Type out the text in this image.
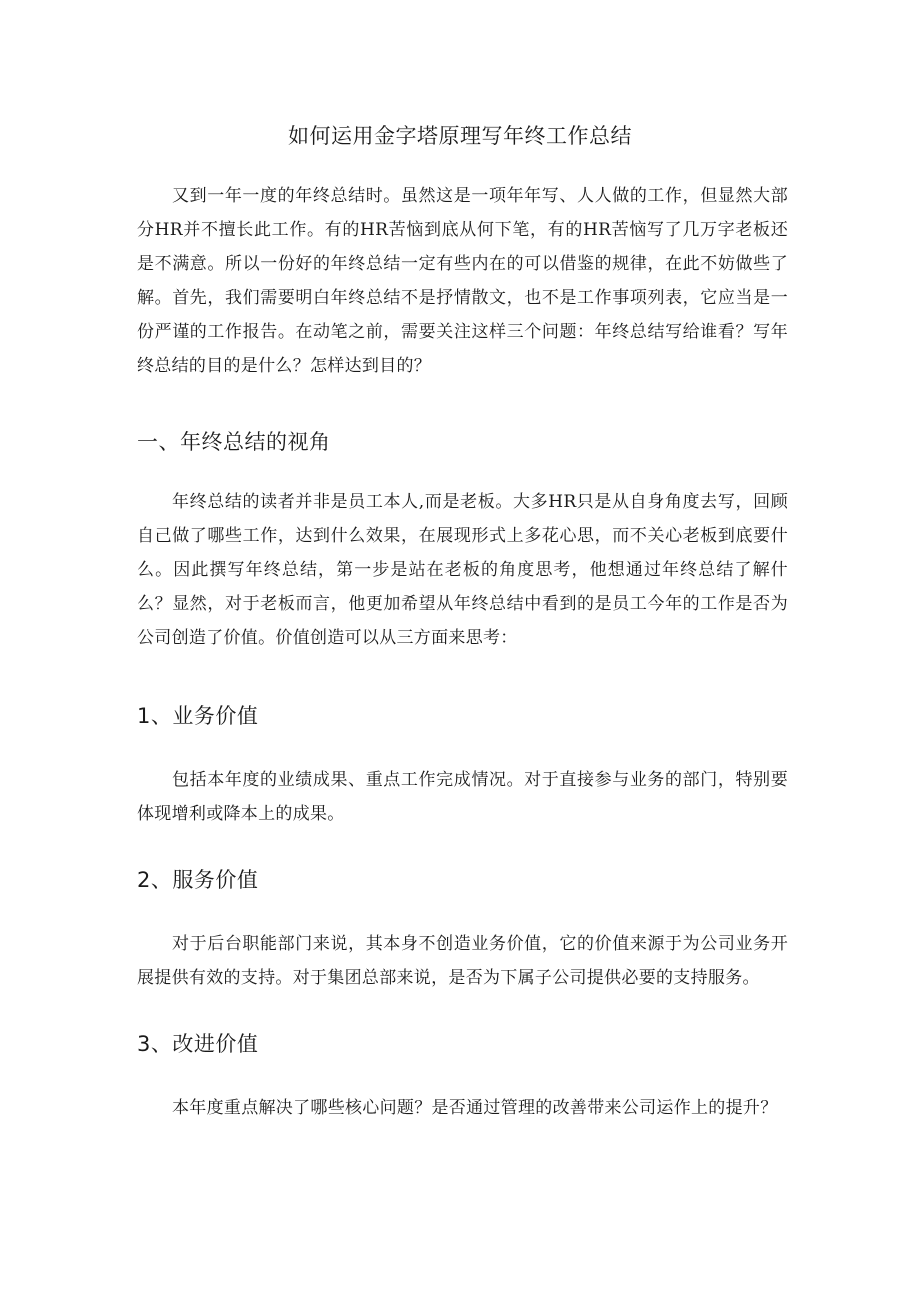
如何运用金字塔原理写年终工作总结

又到一年一度的年终总结时。虽然这是一项年年写、人人做的工作，但显然大部分HR并不擅长此工作。有的HR苦恼到底从何下笔，有的HR苦恼写了几万字老板还是不满意。所以一份好的年终总结一定有些内在的可以借鉴的规律，在此不妨做些了解。首先，我们需要明白年终总结不是抒情散文，也不是工作事项列表，它应当是一份严谨的工作报告。在动笔之前，需要关注这样三个问题：年终总结写给谁看？写年终总结的目的是什么？怎样达到目的？

一、年终总结的视角

年终总结的读者并非是员工本人,而是老板。大多HR只是从自身角度去写，回顾自己做了哪些工作，达到什么效果，在展现形式上多花心思，而不关心老板到底要什么。因此撰写年终总结，第一步是站在老板的角度思考，他想通过年终总结了解什么？显然，对于老板而言，他更加希望从年终总结中看到的是员工今年的工作是否为公司创造了价值。价值创造可以从三方面来思考：

1、业务价值

包括本年度的业绩成果、重点工作完成情况。对于直接参与业务的部门，特别要体现增利或降本上的成果。

2、服务价值

对于后台职能部门来说，其本身不创造业务价值，它的价值来源于为公司业务开展提供有效的支持。对于集团总部来说，是否为下属子公司提供必要的支持服务。

3、改进价值

本年度重点解决了哪些核心问题？是否通过管理的改善带来公司运作上的提升？
